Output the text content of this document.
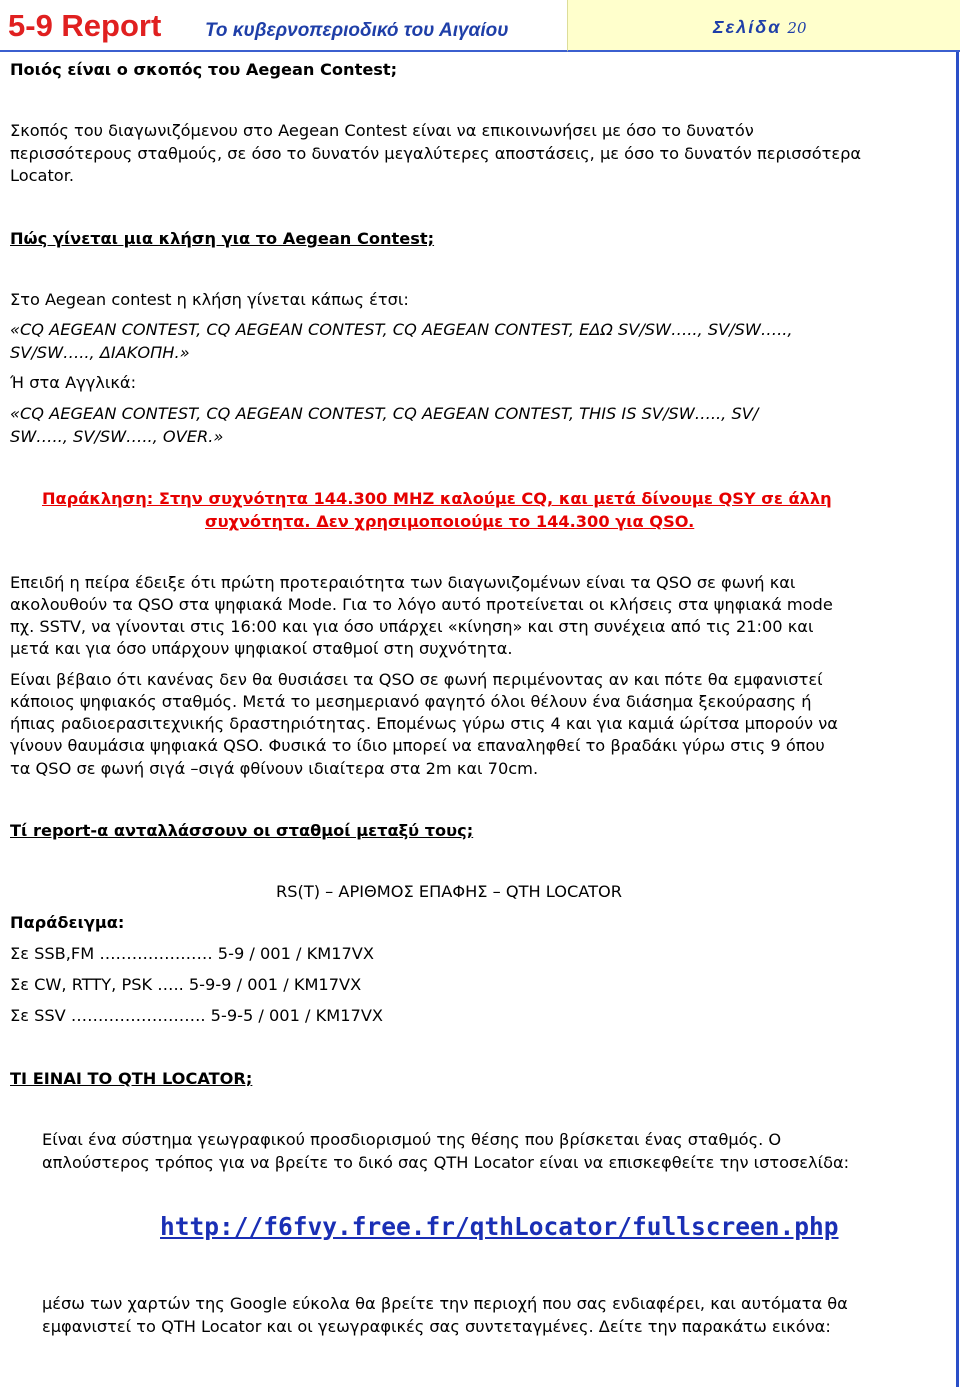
5-9 Report Το κυβερνοπεριοδικό του Αιγαίου	Σελίδα 20
Ποιός είναι ο σκοπός του Aegean Contest;
Σκοπός του διαγωνιζόμενου στο Aegean Contest είναι να επικοινωνήσει με όσο το δυνατόν
περισσότερους σταθμούς, σε όσο το δυνατόν μεγαλύτερες αποστάσεις, με όσο το δυνατόν περισσότερα
Locator.
Πώς γίνεται μια κλήση για το Aegean Contest;
Στο Aegean contest η κλήση γίνεται κάπως έτσι:
«CQ AEGEAN CONTEST, CQ AEGEAN CONTEST, CQ AEGEAN CONTEST, ΕΔΩ SV/SW….., SV/SW…..,
SV/SW….., ΔΙΑΚΟΠΗ.»
Ή στα Αγγλικά:
«CQ AEGEAN CONTEST, CQ AEGEAN CONTEST, CQ AEGEAN CONTEST, THIS IS SV/SW….., SV/
SW….., SV/SW….., OVER.»
Παράκληση: Στην συχνότητα 144.300 MHZ καλούμε CQ, και μετά δίνουμε QSY σε άλλη
συχνότητα. Δεν χρησιμοποιούμε το 144.300 για QSO.
Επειδή η πείρα έδειξε ότι πρώτη προτεραιότητα των διαγωνιζομένων είναι τα QSO σε φωνή και
ακολουθούν τα QSO στα ψηφιακά Mode. Για το λόγο αυτό προτείνεται οι κλήσεις στα ψηφιακά mode
πχ. SSTV, να γίνονται στις 16:00 και για όσο υπάρχει «κίνηση» και στη συνέχεια από τις 21:00 και
μετά και για όσο υπάρχουν ψηφιακοί σταθμοί στη συχνότητα.
Είναι βέβαιο ότι κανένας δεν θα θυσιάσει τα QSO σε φωνή περιμένοντας αν και πότε θα εμφανιστεί
κάποιος ψηφιακός σταθμός. Μετά το μεσημεριανό φαγητό όλοι θέλουν ένα διάσημα ξεκούρασης ή
ήπιας ραδιοερασιτεχνικής δραστηριότητας. Επομένως γύρω στις 4 και για καμιά ώρίτσα μπορούν να
γίνουν θαυμάσια ψηφιακά QSO. Φυσικά το ίδιο μπορεί να επαναληφθεί το βραδάκι γύρω στις 9 όπου
τα QSO σε φωνή σιγά –σιγά φθίνουν ιδιαίτερα στα 2m και 70cm.
Τί report-α ανταλλάσσουν οι σταθμοί μεταξύ τους;
RS(T) – ΑΡΙΘΜΟΣ ΕΠΑΦΗΣ – QTH LOCATOR
Παράδειγμα:
Σε SSB,FM ………………… 5-9 / 001 / KM17VX
Σε CW, RTTY, PSK ….. 5-9-9 / 001 / KM17VX
Σε SSV ……………………. 5-9-5 / 001 / KM17VX
ΤΙ ΕΙΝΑΙ ΤΟ QTH LOCATOR;
Είναι ένα σύστημα γεωγραφικού προσδιορισμού της θέσης που βρίσκεται ένας σταθμός. Ο
απλούστερος τρόπος για να βρείτε το δικό σας QTH Locator είναι να επισκεφθείτε την ιστοσελίδα:
http://f6fvy.free.fr/qthLocator/fullscreen.php
μέσω των χαρτών της Google εύκολα θα βρείτε την περιοχή που σας ενδιαφέρει, και αυτόματα θα
εμφανιστεί το QTH Locator και οι γεωγραφικές σας συντεταγμένες. Δείτε την παρακάτω εικόνα:
